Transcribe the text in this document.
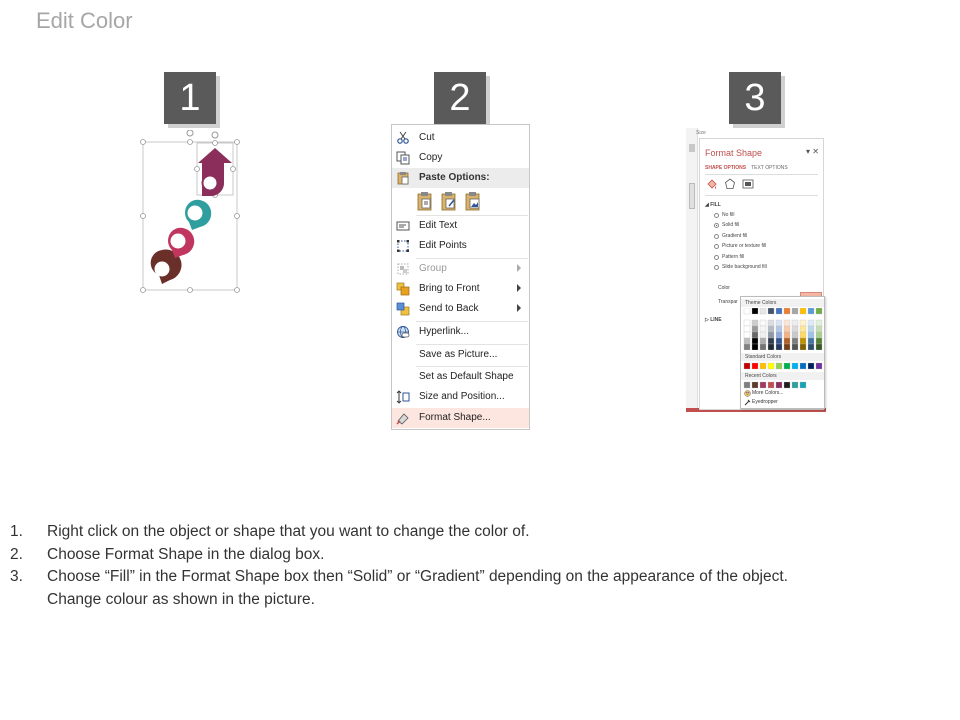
Edit Color
1	2	3
Cut
Copy
Paste Options:
Edit Text
Edit Points
Group
Bring to Front
Send to Back
Hyperlink...
Save as Picture...
Set as Default Shape
Size and Position...
Format Shape...
Size
Format Shape	▾ ✕
SHAPE OPTIONS TEXT OPTIONS
◢ FILL
No fill
Solid fill
Gradient fill
Picture or texture fill
Pattern fill
Slide background fill
Color
Transpar
▷ LINE
Theme Colors
Standard Colors
Recent Colors
More Colors...
Eyedropper
1. Right click on the object or shape that you want to change the color of.
2. Choose Format Shape in the dialog box.
3. Choose “Fill” in the Format Shape box then “Solid” or “Gradient” depending on the appearance of the object.
Change colour as shown in the picture.
